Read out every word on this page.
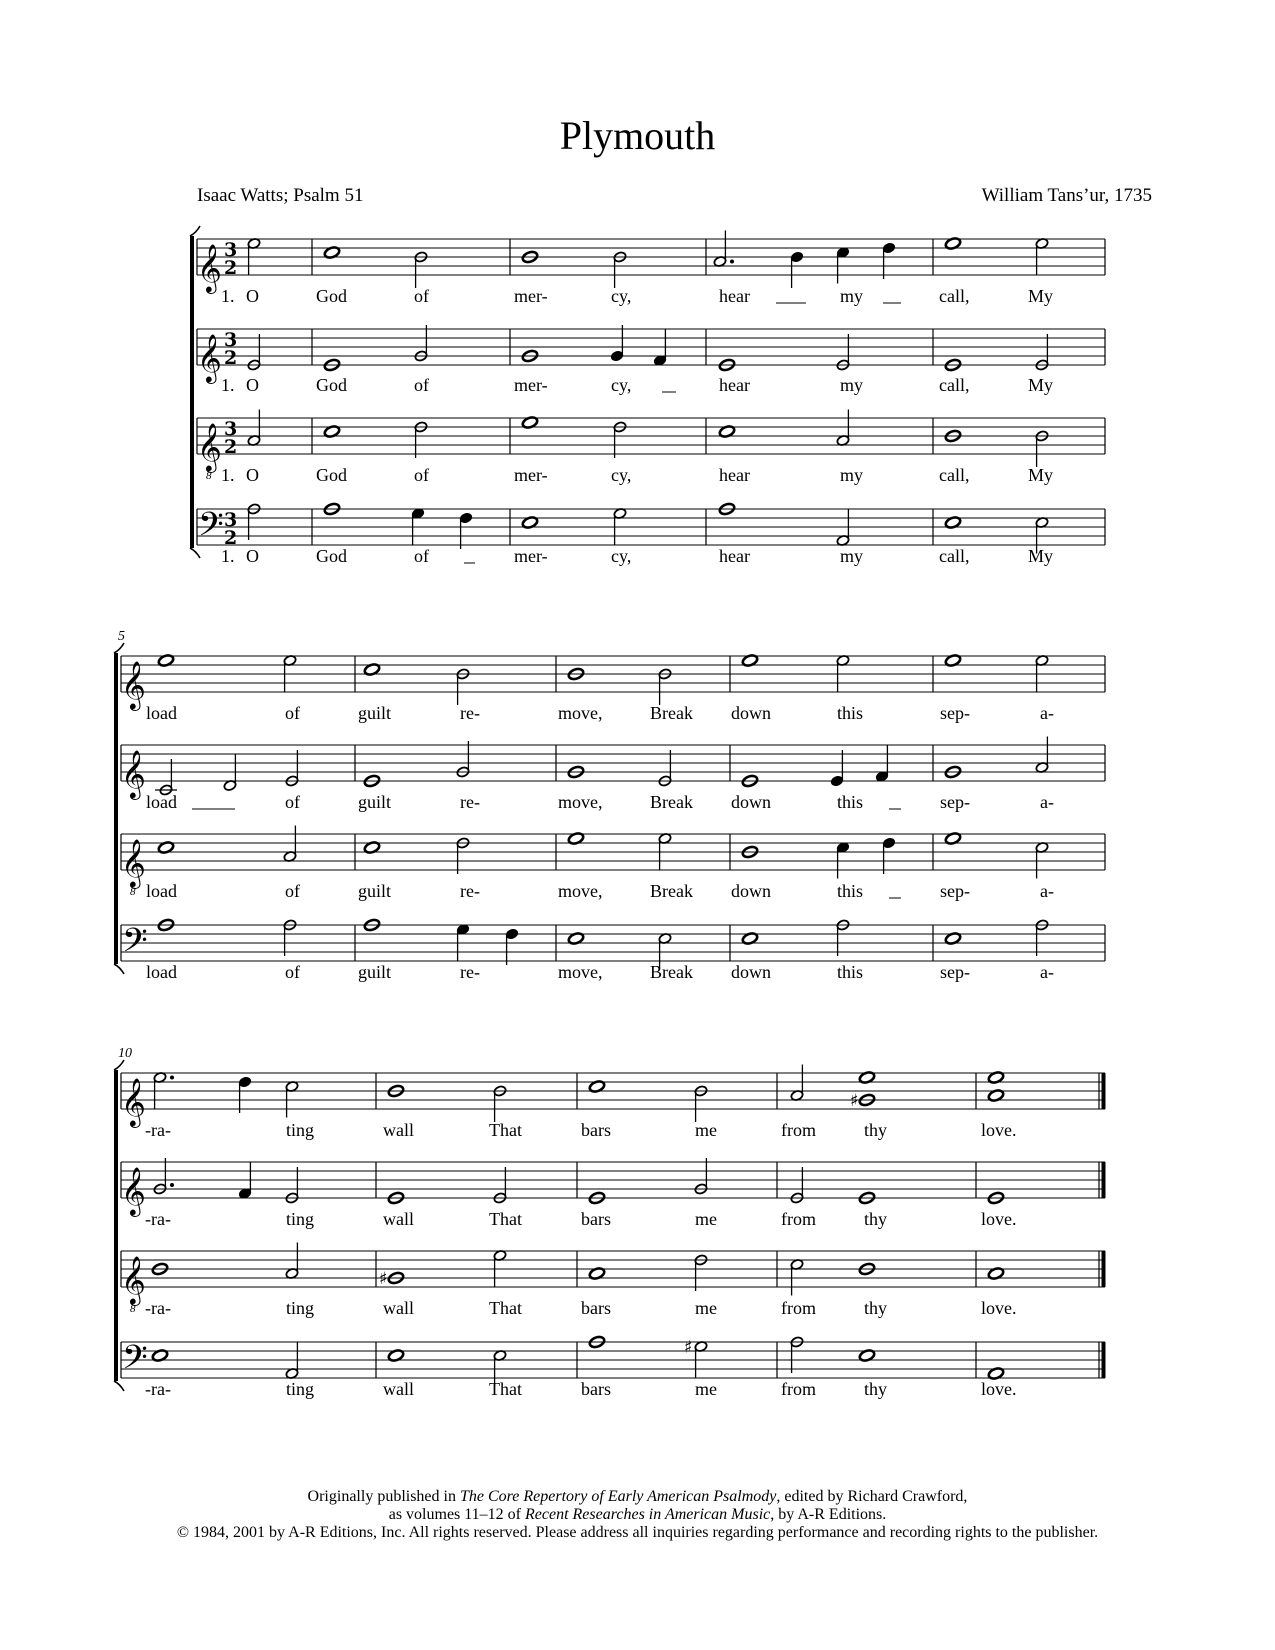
Plymouth
Isaac Watts; Psalm 51	William Tans’ur, 1735
𝄞 3
2
1. O	God	of	mer-	cy,	hear	my	call,	My
𝄞 3
2
1. O	God	of	mer-	cy,	hear	my	call,	My
𝄞
8
3
2
1. O	God	of	mer-	cy,	hear	my	call,	My
𝄢 3
2
1. O	God	of	mer-	cy,	hear	my	call,	My
5
𝄞
load	of	guilt	re-	move,	Break down	this	sep-	a-
𝄞
load	of	guilt	re-	move,	Break down	this	sep-	a-
𝄞
8 load	of	guilt	re-	move,	Break down	this	sep-	a-
𝄢
load	of	guilt	re-	move,	Break down	this	sep-	a-
10
𝄞	♯
-ra-	ting	wall	That	bars	me	from	thy	love.
𝄞
-ra-	ting	wall	That	bars	me	from	thy	love.
𝄞
8
♯
-ra-	ting	wall	That	bars	me	from	thy	love.
𝄢	♯
-ra-	ting	wall	That	bars	me	from	thy	love.
Originally published in The Core Repertory of Early American Psalmody, edited by Richard Crawford,
as volumes 11–12 of Recent Researches in American Music, by A-R Editions.
© 1984, 2001 by A-R Editions, Inc. All rights reserved. Please address all inquiries regarding performance and recording rights to the publisher.
